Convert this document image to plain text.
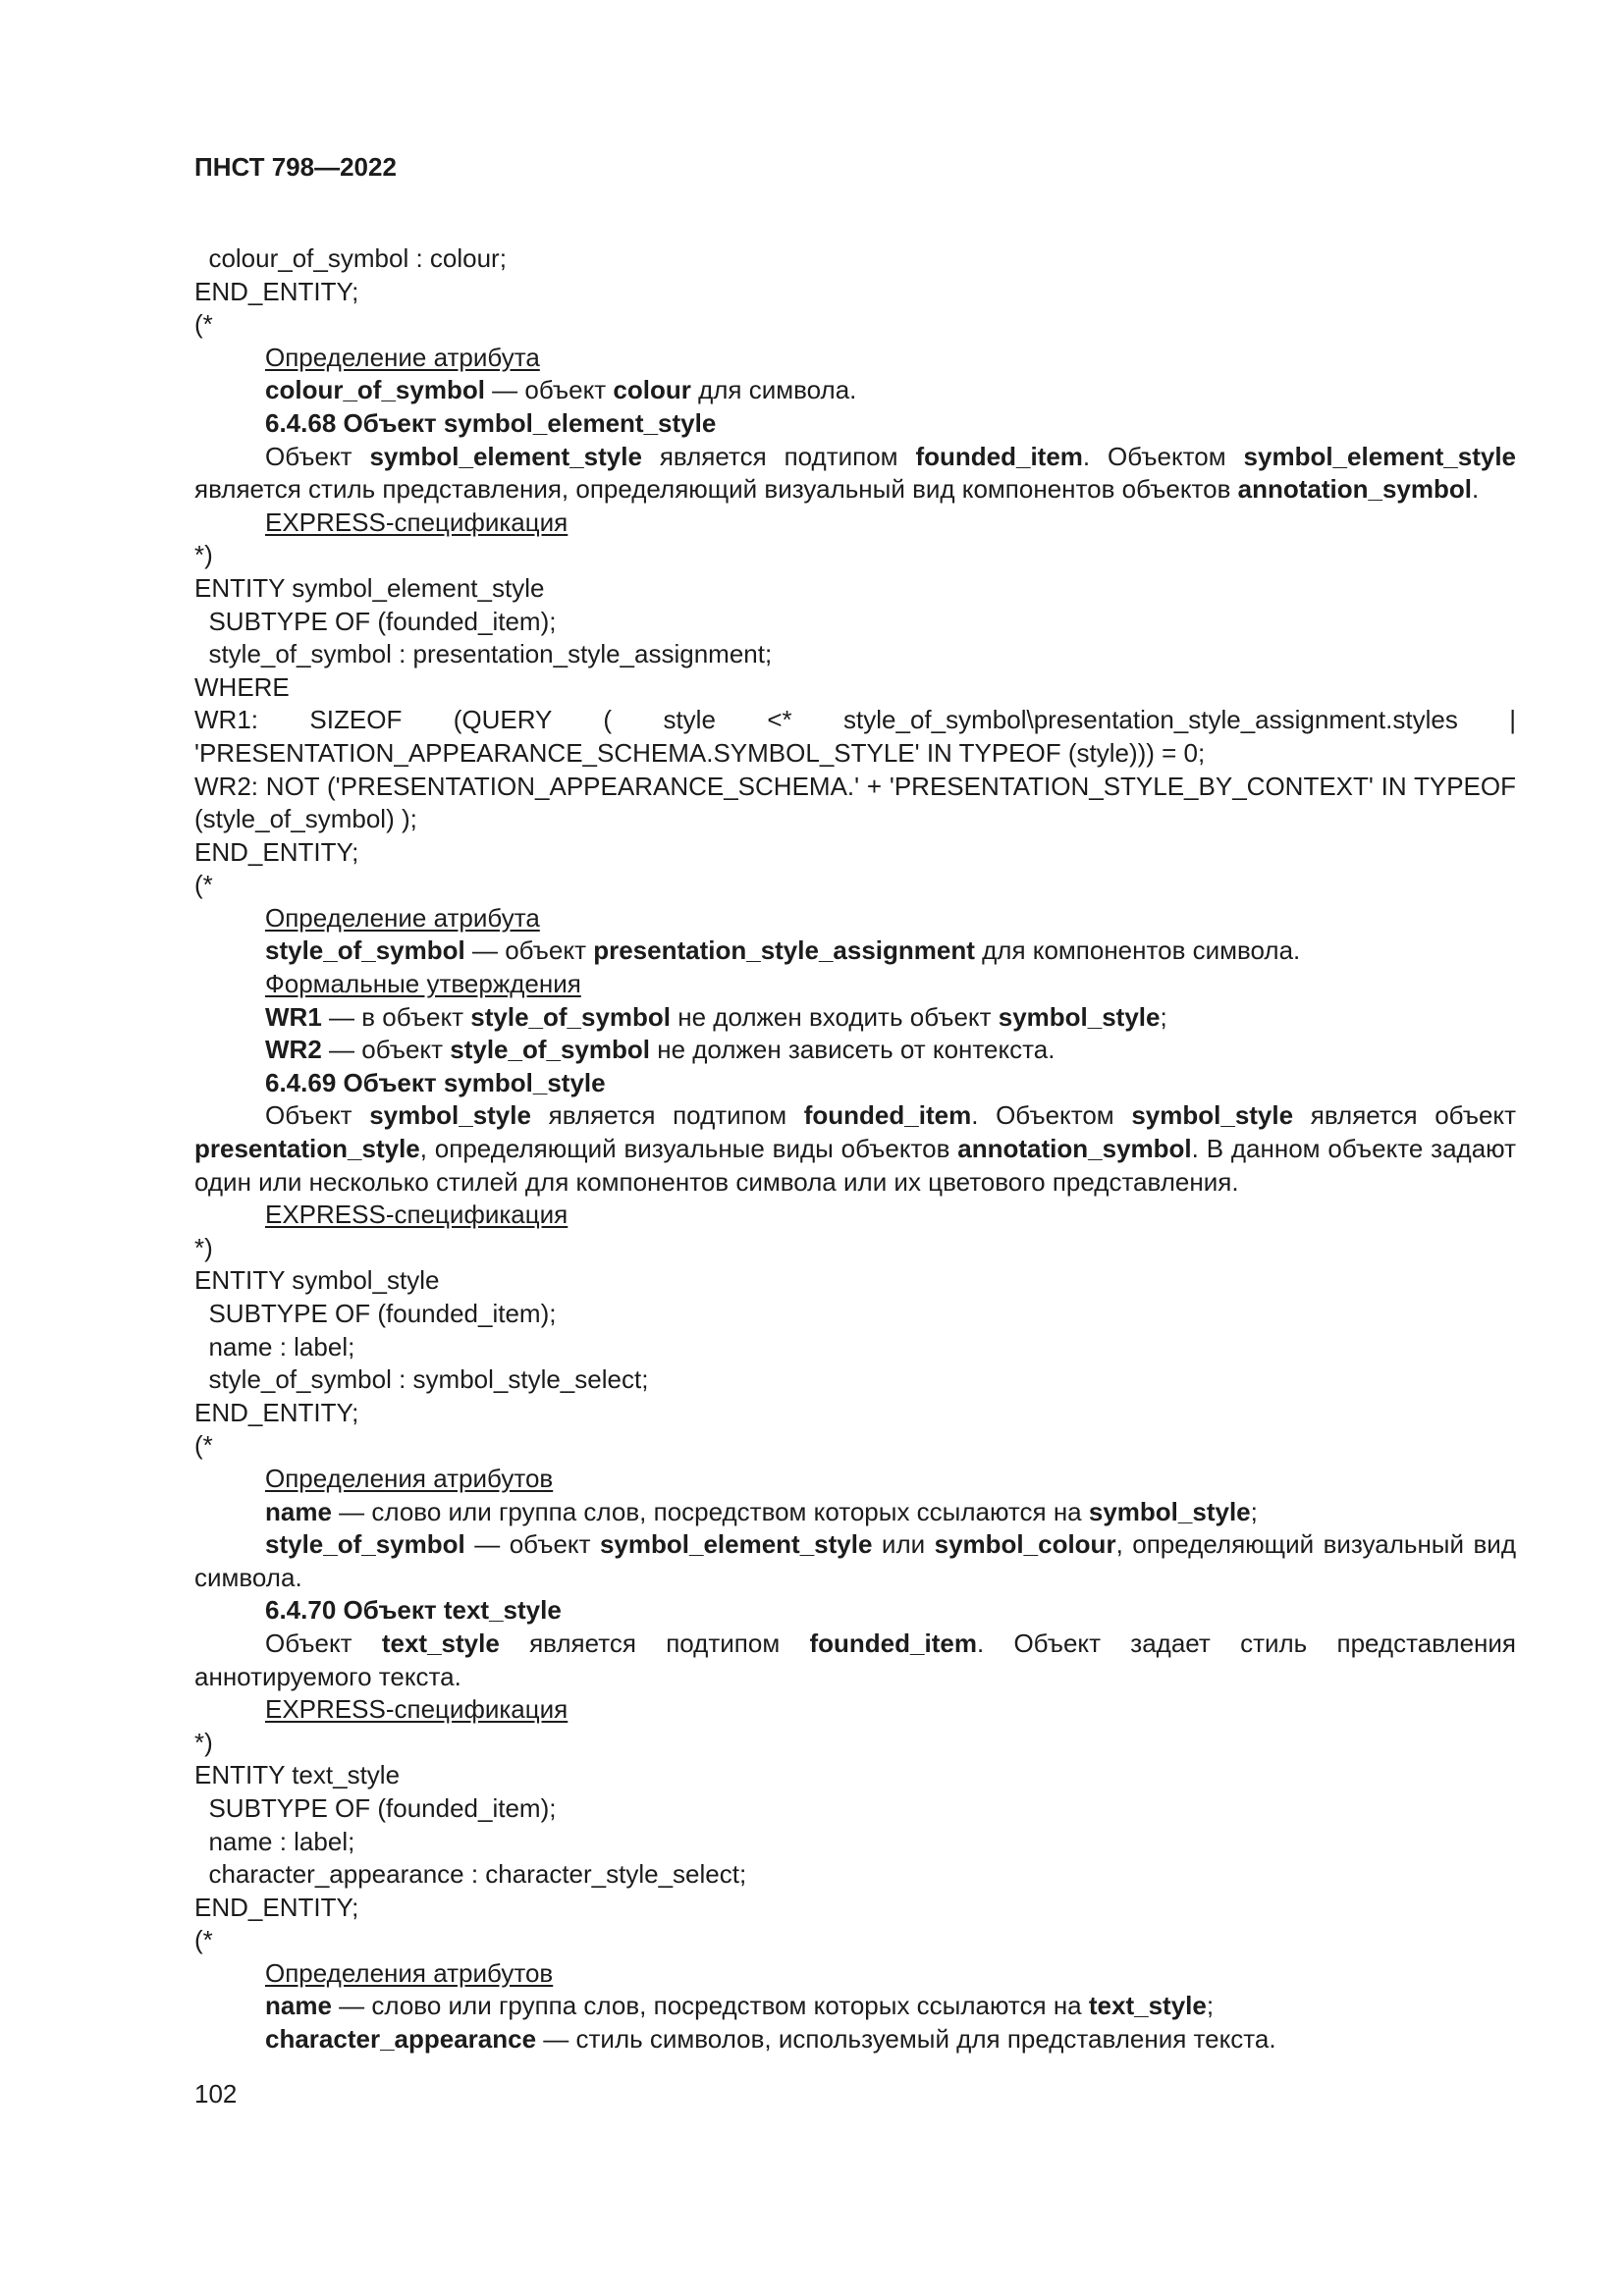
ПНСТ 798—2022
colour_of_symbol : colour;
END_ENTITY;
(*
Определение атрибута
colour_of_symbol — объект colour для символа.
6.4.68 Объект symbol_element_style

Объект symbol_element_style является подтипом founded_item. Объектом symbol_element_style является стиль представления, определяющий визуальный вид компонентов объектов annotation_symbol.

EXPRESS-спецификация
*)
ENTITY symbol_element_style
SUBTYPE OF (founded_item);
style_of_symbol : presentation_style_assignment;
WHERE

WR1: SIZEOF (QUERY ( style <* style_of_symbol\presentation_style_assignment.styles | 'PRESENTATION_APPEARANCE_SCHEMA.SYMBOL_STYLE' IN TYPEOF (style))) = 0;

WR2: NOT ('PRESENTATION_APPEARANCE_SCHEMA.' + 'PRESENTATION_STYLE_BY_CONTEXT' IN TYPEOF (style_of_symbol) );

END_ENTITY;
(*
Определение атрибута
style_of_symbol — объект presentation_style_assignment для компонентов символа.
Формальные утверждения
WR1 — в объект style_of_symbol не должен входить объект symbol_style;
WR2 — объект style_of_symbol не должен зависеть от контекста.
6.4.69 Объект symbol_style

Объект symbol_style является подтипом founded_item. Объектом symbol_style является объект presentation_style, определяющий визуальные виды объектов annotation_symbol. В данном объекте задают один или несколько стилей для компонентов символа или их цветового представления.

EXPRESS-спецификация
*)
ENTITY symbol_style
SUBTYPE OF (founded_item);
name : label;
style_of_symbol : symbol_style_select;
END_ENTITY;
(*
Определения атрибутов
name — слово или группа слов, посредством которых ссылаются на symbol_style;

style_of_symbol — объект symbol_element_style или symbol_colour, определяющий визуальный вид символа.

6.4.70 Объект text_style

Объект text_style является подтипом founded_item. Объект задает стиль представления аннотируемого текста.

EXPRESS-спецификация
*)
ENTITY text_style
SUBTYPE OF (founded_item);
name : label;
character_appearance : character_style_select;
END_ENTITY;
(*
Определения атрибутов
name — слово или группа слов, посредством которых ссылаются на text_style;
character_appearance — стиль символов, используемый для представления текста.
102
